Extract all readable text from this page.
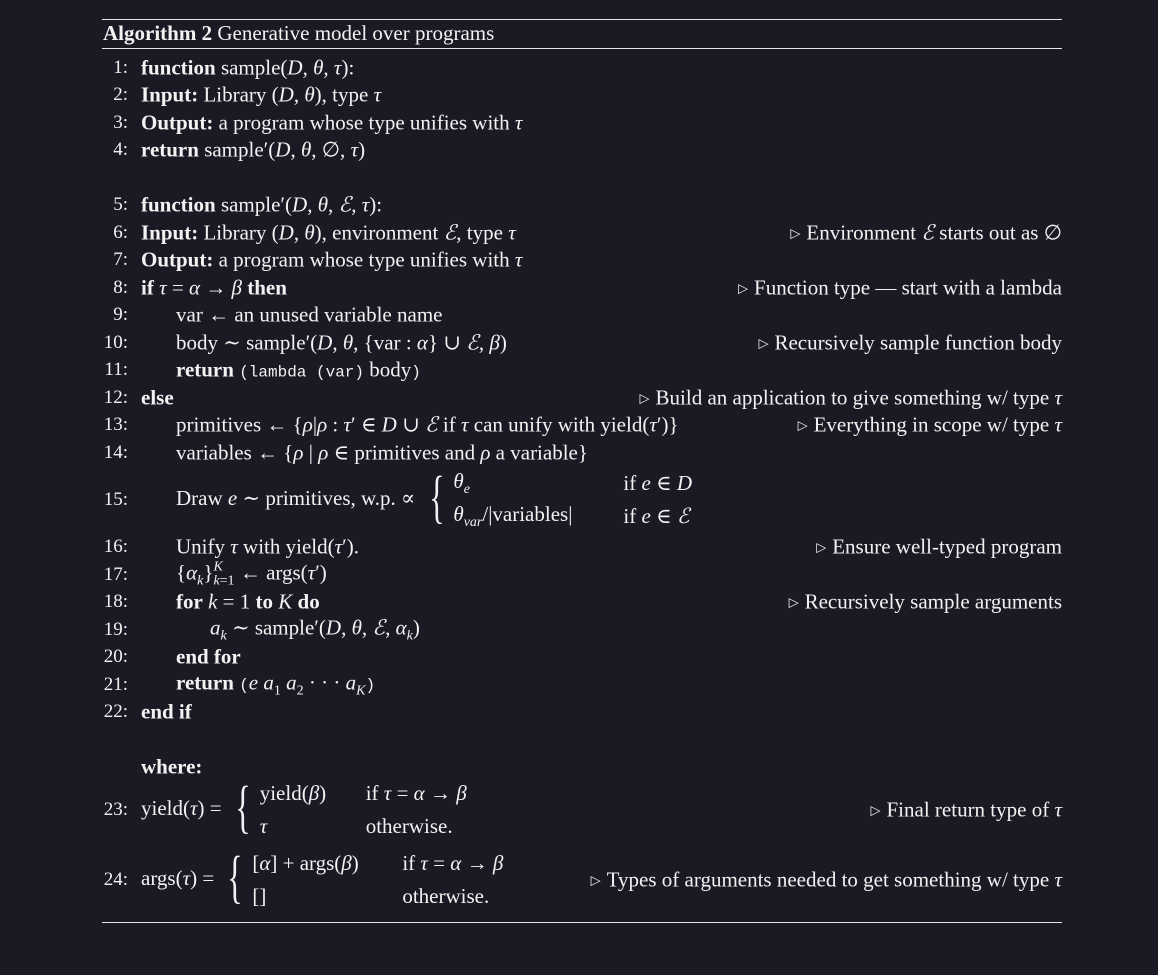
Algorithm 2 Generative model over programs
1: function sample(D, θ, τ):
2: Input: Library (D, θ), type τ
3: Output: a program whose type unifies with τ
4: return sample′(D, θ, ∅, τ)
5: function sample′(D, θ, ℰ, τ):
6: Input: Library (D, θ), environment ℰ, type τ	▷ Environment ℰ starts out as ∅
7: Output: a program whose type unifies with τ
8: if τ = α → β then	▷ Function type — start with a lambda
9: var ← an unused variable name
10: body ∼ sample′(D, θ, {var : α} ∪ ℰ, β)	▷ Recursively sample function body
11: return (lambda (var) body)
12: else	▷ Build an application to give something w/ type τ
13: primitives ← {ρ|ρ : τ′ ∈ D ∪ ℰ if τ can unify with yield(τ′)}	▷ Everything in scope w/ type τ
14: variables ← {ρ | ρ ∈ primitives and ρ a variable}
15: Draw e ∼ primitives, w.p. ∝ { $\theta_e$	if e ∈ D
$\theta_{var}/|variables|$	if e ∈ ℰ
16: Unify τ with yield(τ′).	▷ Ensure well-typed program
17: $\{\alpha_k\}$ K
k=1 ← args(τ′)
18: for k = 1 to K do	▷ Recursively sample arguments
19:	$a_k$ ∼ sample′(D, θ, ℰ, $\alpha_k$)
20: end for
21: return (e $a_1$ $a_2$ · · · $a_K$)
22: end if
where:
23: yield(τ) = { yield(β)	if τ = α → β
τ	otherwise.
▷ Final return type of τ
24: args(τ) = { [α] + args(β)	if τ = α → β
[]	otherwise.
▷ Types of arguments needed to get something w/ type τ
